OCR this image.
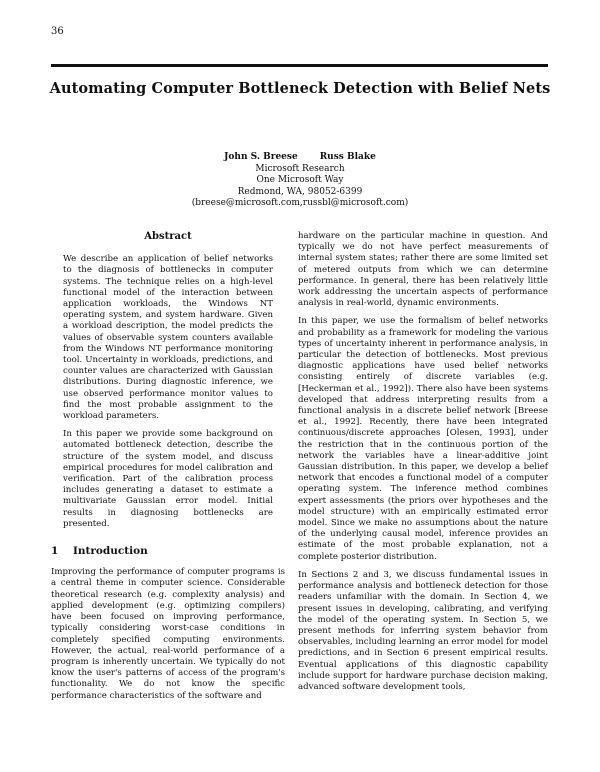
36
Automating Computer Bottleneck Detection with Belief Nets
John S. Breese Russ Blake
Microsoft Research
One Microsoft Way
Redmond, WA, 98052-6399
(breese@microsoft.com,russbl@microsoft.com)
Abstract

We describe an application of belief networks to the diagnosis of bottlenecks in computer systems. The technique relies on a high-level functional model of the interaction between application workloads, the Windows NT operating system, and system hardware. Given a workload description, the model predicts the values of observable system counters available from the Windows NT performance monitoring tool. Uncertainty in workloads, predictions, and counter values are characterized with Gaussian distributions. During diagnostic inference, we use observed performance monitor values to find the most probable assignment to the workload parameters.

In this paper we provide some background on automated bottleneck detection, describe the structure of the system model, and discuss empirical procedures for model calibration and verification. Part of the calibration process includes generating a dataset to estimate a multivariate Gaussian error model. Initial results in diagnosing bottlenecks are presented.

1 Introduction

Improving the performance of computer programs is a central theme in computer science. Considerable theoretical research (e.g. complexity analysis) and applied development (e.g. optimizing compilers) have been focused on improving performance, typically considering worst-case conditions in completely specified computing environments. However, the actual, real-world performance of a program is inherently uncertain. We typically do not know the user's patterns of access of the program's functionality. We do not know the specific performance characteristics of the software and

hardware on the particular machine in question. And typically we do not have perfect measurements of internal system states; rather there are some limited set of metered outputs from which we can determine performance. In general, there has been relatively little work addressing the uncertain aspects of performance analysis in real-world, dynamic environments.

In this paper, we use the formalism of belief networks and probability as a framework for modeling the various types of uncertainty inherent in performance analysis, in particular the detection of bottlenecks. Most previous diagnostic applications have used belief networks consisting entirely of discrete variables (e.g. [Heckerman et al., 1992]). There also have been systems developed that address interpreting results from a functional analysis in a discrete belief network [Breese et al., 1992]. Recently, there have been integrated continuous/discrete approaches [Olesen, 1993], under the restriction that in the continuous portion of the network the variables have a linear-additive joint Gaussian distribution. In this paper, we develop a belief network that encodes a functional model of a computer operating system. The inference method combines expert assessments (the priors over hypotheses and the model structure) with an empirically estimated error model. Since we make no assumptions about the nature of the underlying causal model, inference provides an estimate of the most probable explanation, not a complete posterior distribution.

In Sections 2 and 3, we discuss fundamental issues in performance analysis and bottleneck detection for those readers unfamiliar with the domain. In Section 4, we present issues in developing, calibrating, and verifying the model of the operating system. In Section 5, we present methods for inferring system behavior from observables, including learning an error model for model predictions, and in Section 6 present empirical results. Eventual applications of this diagnostic capability include support for hardware purchase decision making, advanced software development tools,
